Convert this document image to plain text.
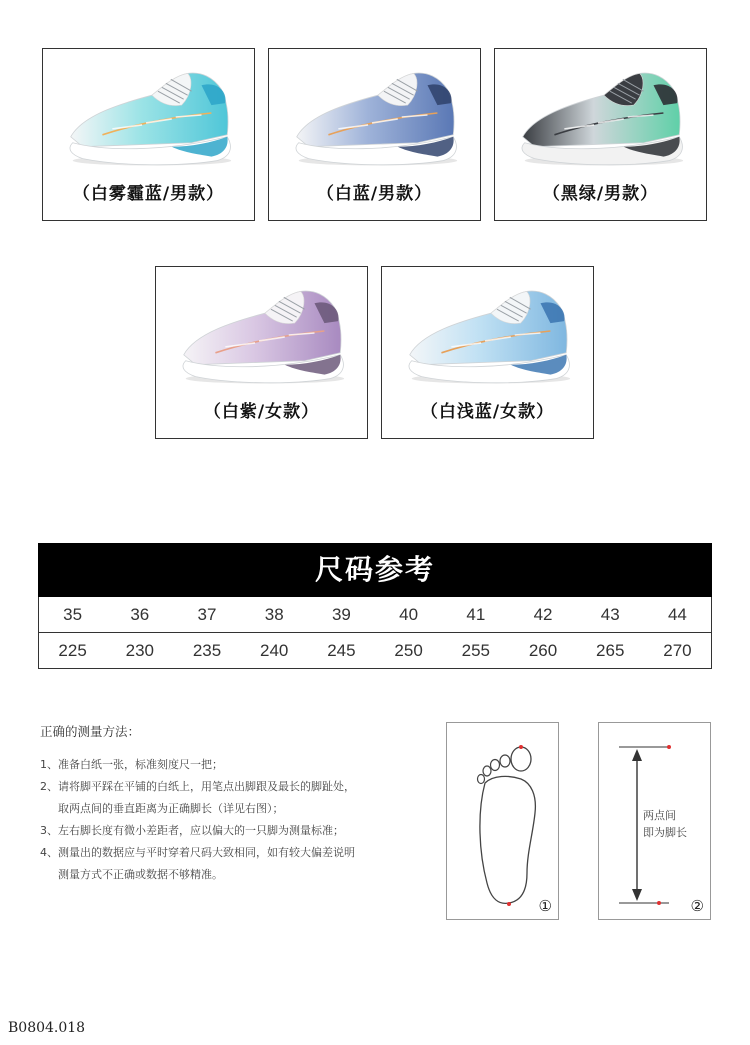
（白雾霾蓝/男款）	（白蓝/男款）	（黑绿/男款）
（白紫/女款）	（白浅蓝/女款）
尺码参考
35	36	37	38	39	40	41	42	43	44
225	230	235	240	245	250	255	260	265	270
正确的测量方法：
1、准备白纸一张，标准刻度尺一把；
2、请将脚平踩在平铺的白纸上，用笔点出脚跟及最长的脚趾处，
取两点间的垂直距离为正确脚长（详见右图）；
3、左右脚长度有微小差距者，应以偏大的一只脚为测量标准；
4、测量出的数据应与平时穿着尺码大致相同，如有较大偏差说明
测量方式不正确或数据不够精准。
①
两点间
即为脚长
②
B0804.018
